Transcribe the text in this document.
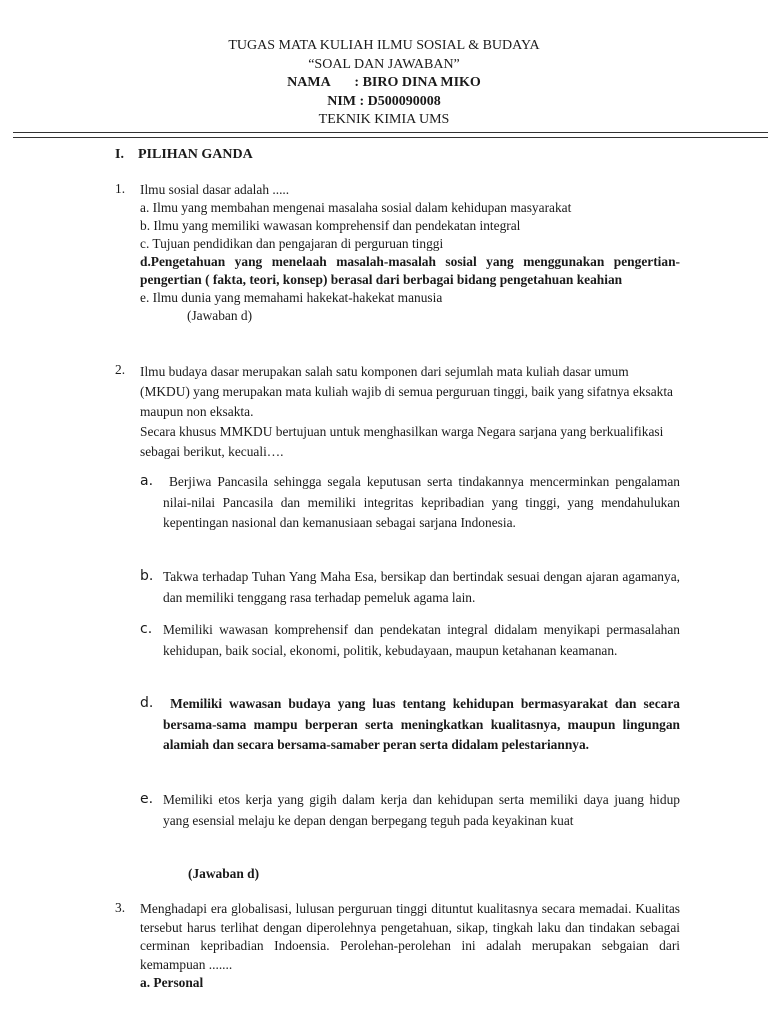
TUGAS MATA KULIAH ILMU SOSIAL & BUDAYA
“SOAL DAN JAWABAN”
NAMA       : BIRO DINA MIKO
NIM : D500090008
TEKNIK KIMIA UMS
I. PILIHAN GANDA
1. Ilmu sosial dasar adalah .....
a. Ilmu yang membahan mengenai masalaha sosial dalam kehidupan masyarakat
b. Ilmu yang memiliki wawasan komprehensif dan pendekatan integral
c. Tujuan pendidikan dan pengajaran di perguruan tinggi
d.Pengetahuan yang menelaah masalah-masalah sosial yang menggunakan pengertian-pengertian ( fakta, teori, konsep) berasal dari berbagai bidang pengetahuan keahian
e. Ilmu dunia yang memahami hakekat-hakekat manusia
(Jawaban d)
2. Ilmu budaya dasar merupakan salah satu komponen dari sejumlah mata kuliah dasar umum (MKDU) yang merupakan mata kuliah wajib di semua perguruan tinggi, baik yang sifatnya eksakta maupun non eksakta.
Secara khusus MMKDU bertujuan untuk menghasilkan warga Negara sarjana yang berkualifikasi sebagai berikut, kecuali….
a. Berjiwa Pancasila sehingga segala keputusan serta tindakannya mencerminkan pengalaman nilai-nilai Pancasila dan memiliki integritas kepribadian yang tinggi, yang mendahulukan kepentingan nasional dan kemanusiaan sebagai sarjana Indonesia.
b. Takwa terhadap Tuhan Yang Maha Esa, bersikap dan bertindak sesuai dengan ajaran agamanya, dan memiliki tenggang rasa terhadap pemeluk agama lain.
c. Memiliki wawasan komprehensif dan pendekatan integral didalam menyikapi permasalahan kehidupan, baik social, ekonomi, politik, kebudayaan, maupun ketahanan keamanan.
d. Memiliki wawasan budaya yang luas tentang kehidupan bermasyarakat dan secara bersama-sama mampu berperan serta meningkatkan kualitasnya, maupun lingungan alamiah dan secara bersama-samaber peran serta didalam pelestariannya.
e. Memiliki etos kerja yang gigih dalam kerja dan kehidupan serta memiliki daya juang hidup yang esensial melaju ke depan dengan berpegang teguh pada keyakinan kuat
(Jawaban d)
3. Menghadapi era globalisasi, lulusan perguruan tinggi dituntut kualitasnya secara memadai. Kualitas tersebut harus terlihat dengan diperolehnya pengetahuan, sikap, tingkah laku dan tindakan sebagai cerminan kepribadian Indoensia. Perolehan-perolehan ini adalah merupakan sebgaian dari kemampuan .......
a. Personal
